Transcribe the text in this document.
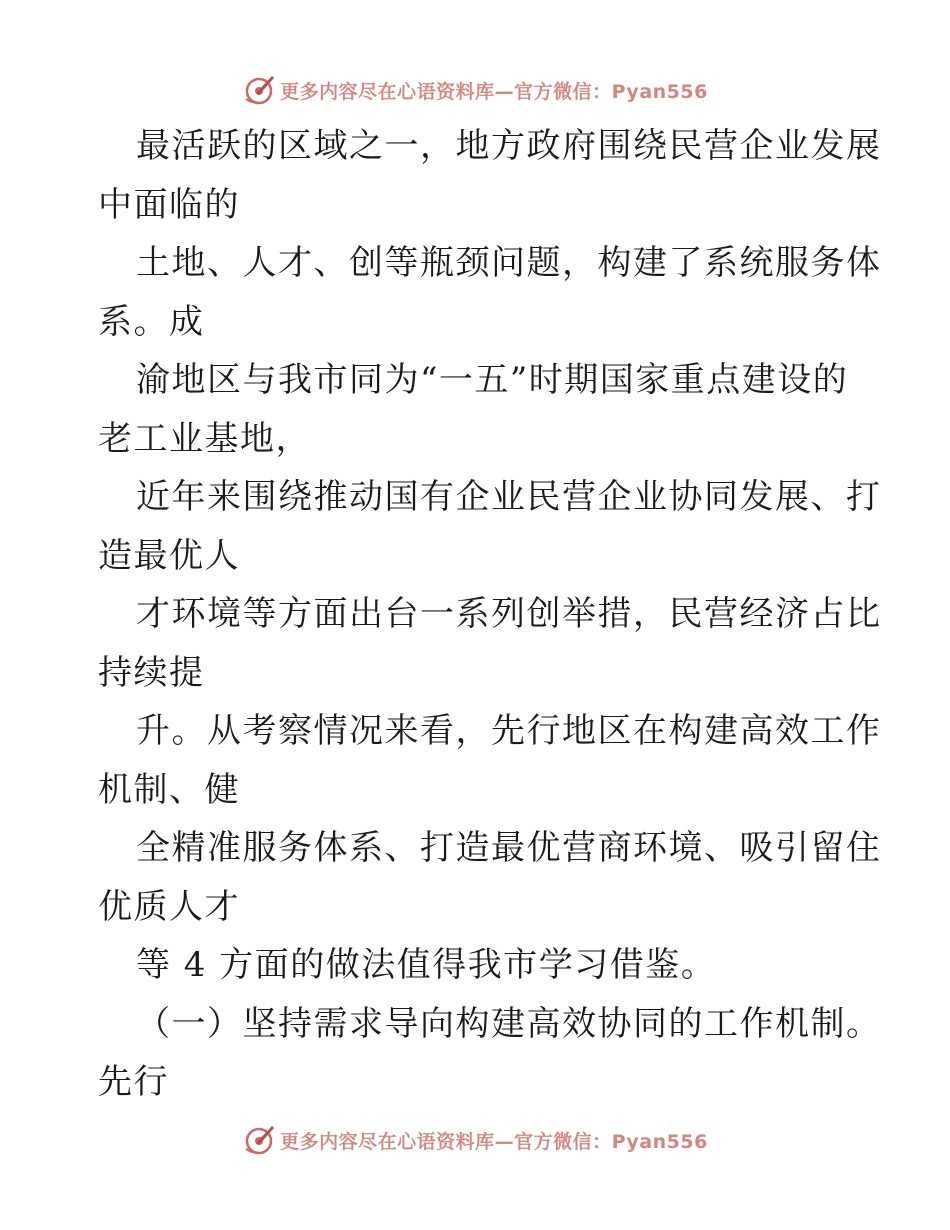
更多内容尽在心语资料库—官方微信：Pyan556
最活跃的区域之一，地方政府围绕民营企业发展
中面临的
土地、人才、创等瓶颈问题，构建了系统服务体
系。成
渝地区与我市同为“一五”时期国家重点建设的
老工业基地，
近年来围绕推动国有企业民营企业协同发展、打
造最优人
才环境等方面出台一系列创举措，民营经济占比
持续提
升。从考察情况来看，先行地区在构建高效工作
机制、健
全精准服务体系、打造最优营商环境、吸引留住
优质人才
等 4 方面的做法值得我市学习借鉴。
（一）坚持需求导向构建高效协同的工作机制。
先行
更多内容尽在心语资料库—官方微信：Pyan556
